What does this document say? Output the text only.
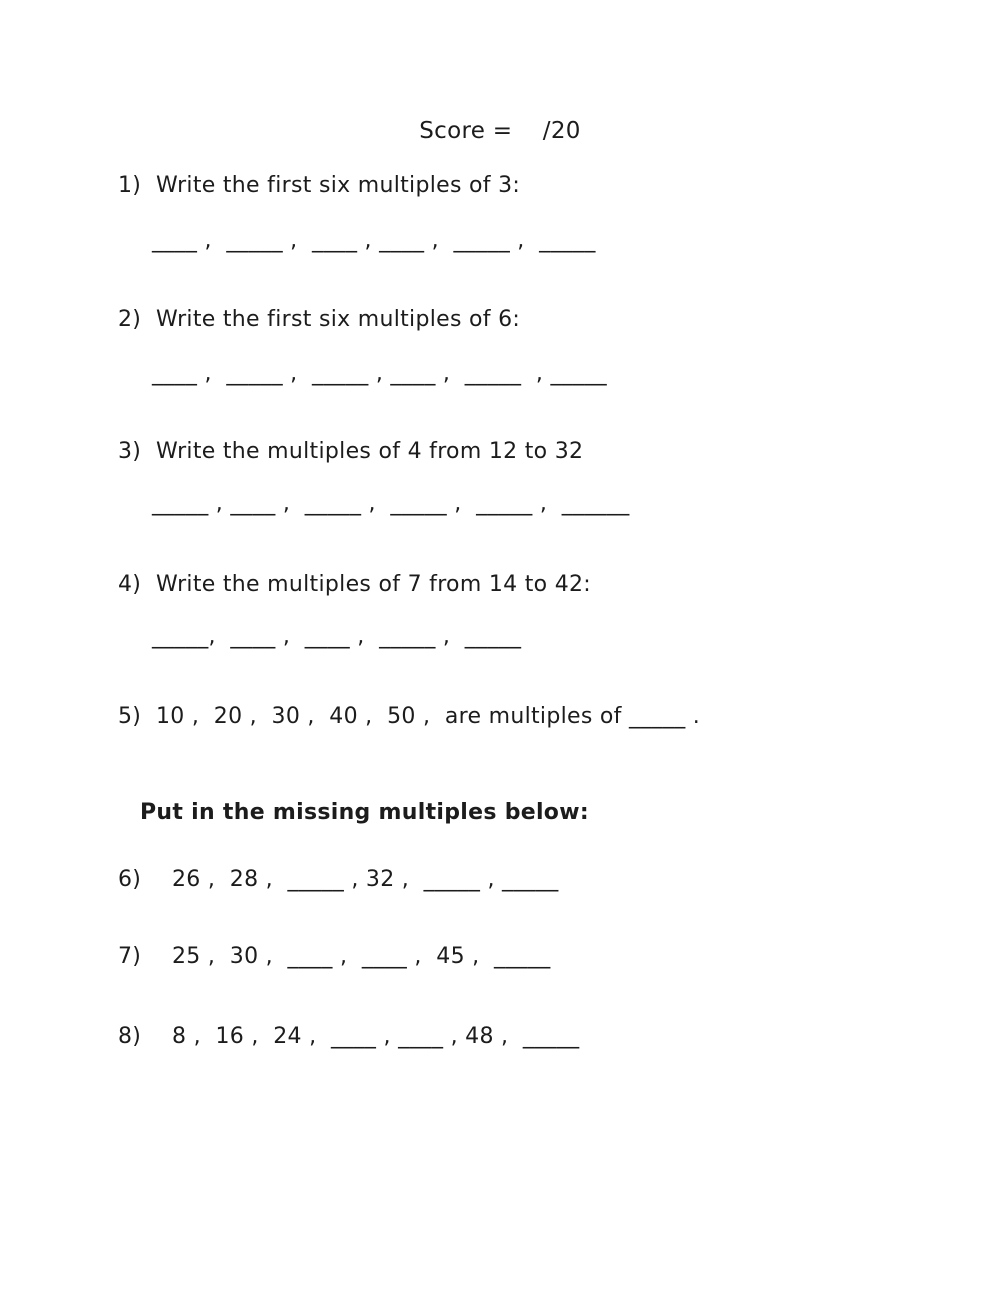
Score =    /20
1) Write the first six multiples of 3:
____ ,  _____ ,  ____ , ____ ,  _____ ,  _____
2) Write the first six multiples of 6:
____ ,  _____ ,  _____ , ____ ,  _____  , _____
3) Write the multiples of 4 from 12 to 32
_____ , ____ ,  _____ ,  _____ ,  _____ ,  ______
4) Write the multiples of 7 from 14 to 42:
_____,  ____ ,  ____ ,  _____ ,  _____
5) 10 ,  20 ,  30 ,  40 ,  50 ,  are multiples of _____ .
Put in the missing multiples below:
6)	26 ,  28 ,  _____ , 32 ,  _____ , _____
7)	25 ,  30 ,  ____ ,  ____ ,  45 ,  _____
8)	8 ,  16 ,  24 ,  ____ , ____ , 48 ,  _____
